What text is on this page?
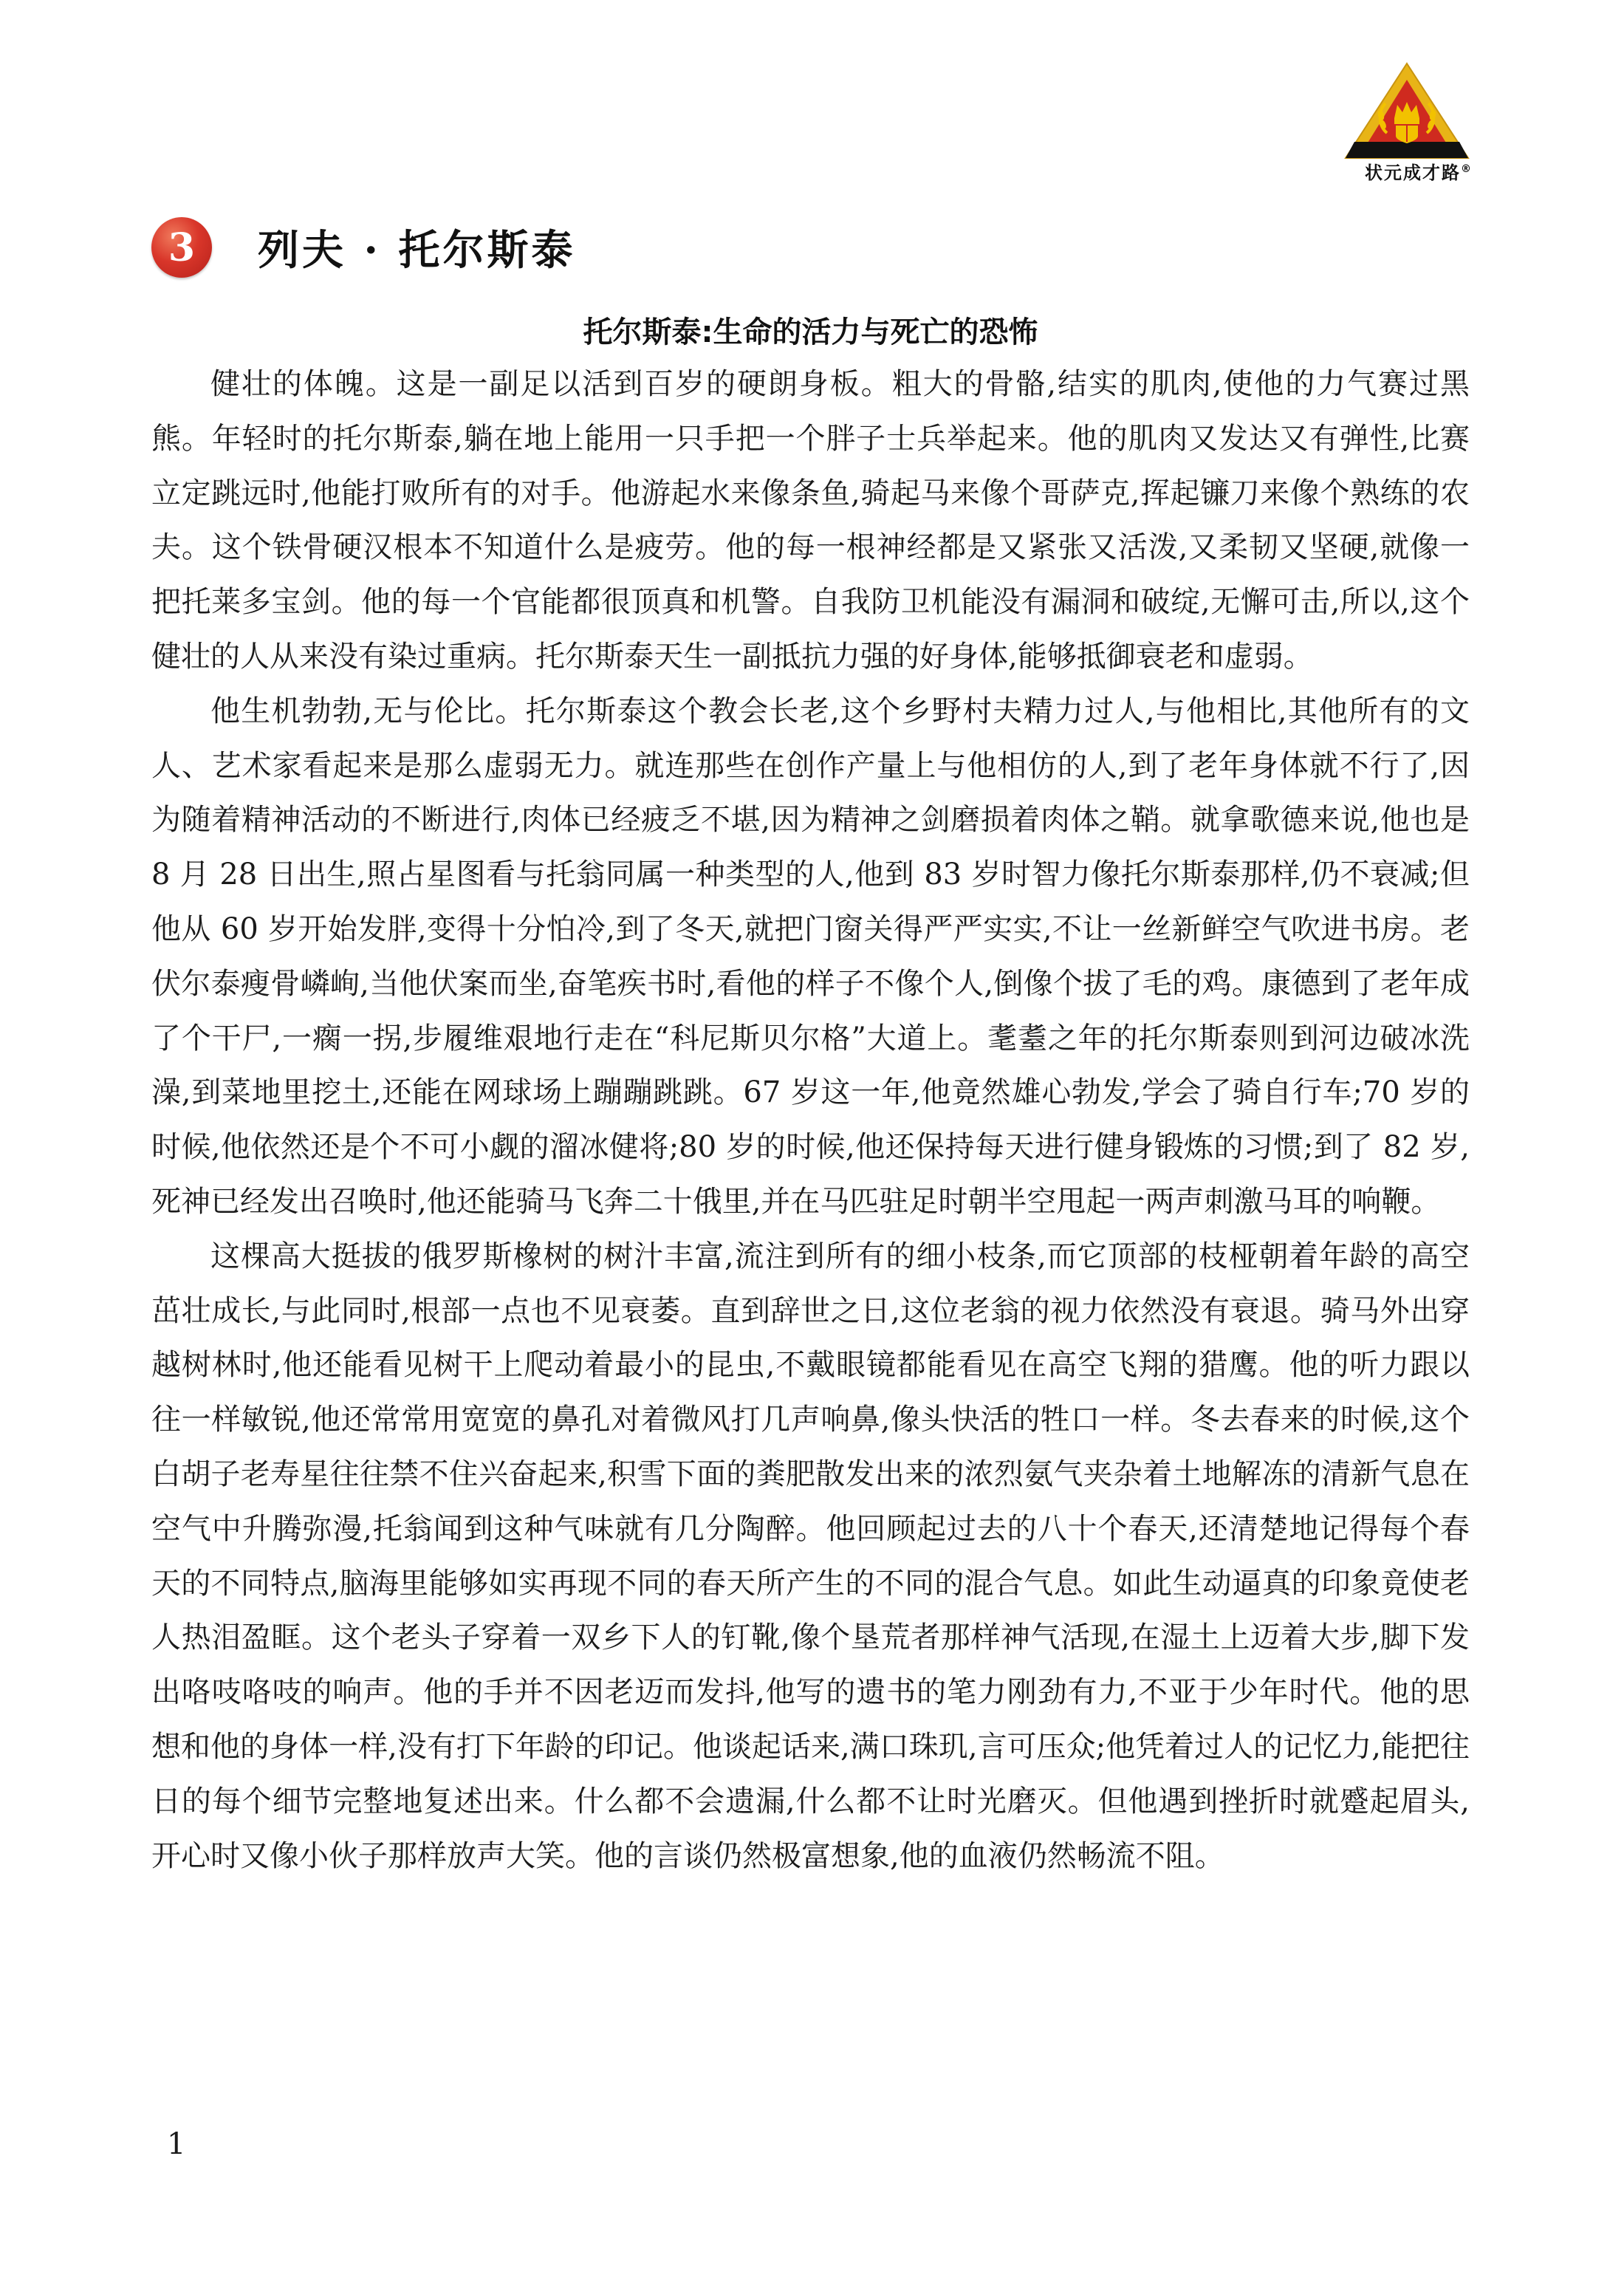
状元成才路®
3	列夫 · 托尔斯泰
托尔斯泰:生命的活力与死亡的恐怖

健壮的体魄。这是一副足以活到百岁的硬朗身板。粗大的骨骼,结实的肌肉,使他的力气赛过黑熊。年轻时的托尔斯泰,躺在地上能用一只手把一个胖子士兵举起来。他的肌肉又发达又有弹性,比赛立定跳远时,他能打败所有的对手。他游起水来像条鱼,骑起马来像个哥萨克,挥起镰刀来像个熟练的农夫。这个铁骨硬汉根本不知道什么是疲劳。他的每一根神经都是又紧张又活泼,又柔韧又坚硬,就像一把托莱多宝剑。他的每一个官能都很顶真和机警。自我防卫机能没有漏洞和破绽,无懈可击,所以,这个健壮的人从来没有染过重病。托尔斯泰天生一副抵抗力强的好身体,能够抵御衰老和虚弱。

他生机勃勃,无与伦比。托尔斯泰这个教会长老,这个乡野村夫精力过人,与他相比,其他所有的文人、艺术家看起来是那么虚弱无力。就连那些在创作产量上与他相仿的人,到了老年身体就不行了,因为随着精神活动的不断进行,肉体已经疲乏不堪,因为精神之剑磨损着肉体之鞘。就拿歌德来说,他也是 8 月 28 日出生,照占星图看与托翁同属一种类型的人,他到 83 岁时智力像托尔斯泰那样,仍不衰减;但他从 60 岁开始发胖,变得十分怕冷,到了冬天,就把门窗关得严严实实,不让一丝新鲜空气吹进书房。老伏尔泰瘦骨嶙峋,当他伏案而坐,奋笔疾书时,看他的样子不像个人,倒像个拔了毛的鸡。康德到了老年成了个干尸,一瘸一拐,步履维艰地行走在“科尼斯贝尔格”大道上。耄耋之年的托尔斯泰则到河边破冰洗澡,到菜地里挖土,还能在网球场上蹦蹦跳跳。67 岁这一年,他竟然雄心勃发,学会了骑自行车;70 岁的时候,他依然还是个不可小觑的溜冰健将;80 岁的时候,他还保持每天进行健身锻炼的习惯;到了 82 岁,死神已经发出召唤时,他还能骑马飞奔二十俄里,并在马匹驻足时朝半空甩起一两声刺激马耳的响鞭。

这棵高大挺拔的俄罗斯橡树的树汁丰富,流注到所有的细小枝条,而它顶部的枝桠朝着年龄的高空茁壮成长,与此同时,根部一点也不见衰萎。直到辞世之日,这位老翁的视力依然没有衰退。骑马外出穿越树林时,他还能看见树干上爬动着最小的昆虫,不戴眼镜都能看见在高空飞翔的猎鹰。他的听力跟以往一样敏锐,他还常常用宽宽的鼻孔对着微风打几声响鼻,像头快活的牲口一样。冬去春来的时候,这个白胡子老寿星往往禁不住兴奋起来,积雪下面的粪肥散发出来的浓烈氨气夹杂着土地解冻的清新气息在空气中升腾弥漫,托翁闻到这种气味就有几分陶醉。他回顾起过去的八十个春天,还清楚地记得每个春天的不同特点,脑海里能够如实再现不同的春天所产生的不同的混合气息。如此生动逼真的印象竟使老人热泪盈眶。这个老头子穿着一双乡下人的钉靴,像个垦荒者那样神气活现,在湿土上迈着大步,脚下发出咯吱咯吱的响声。他的手并不因老迈而发抖,他写的遗书的笔力刚劲有力,不亚于少年时代。他的思想和他的身体一样,没有打下年龄的印记。他谈起话来,满口珠玑,言可压众;他凭着过人的记忆力,能把往日的每个细节完整地复述出来。什么都不会遗漏,什么都不让时光磨灭。但他遇到挫折时就蹙起眉头,开心时又像小伙子那样放声大笑。他的言谈仍然极富想象,他的血液仍然畅流不阻。

1
